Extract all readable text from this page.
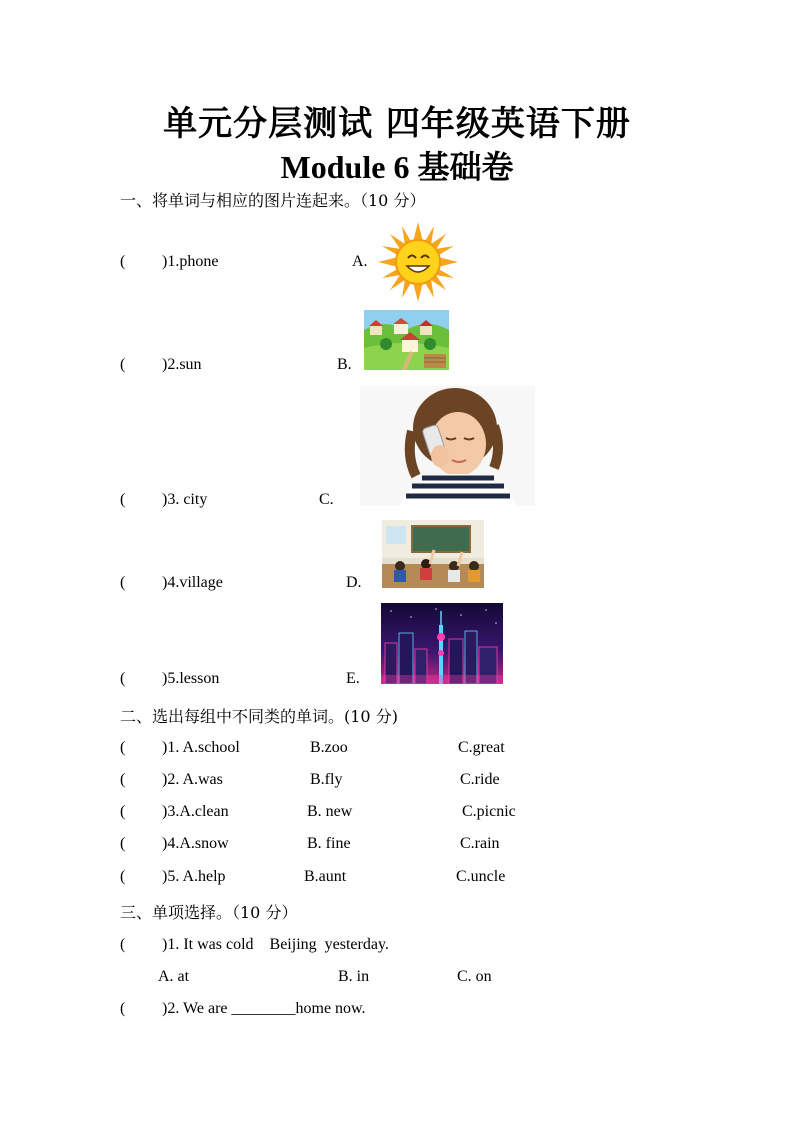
单元分层测试 四年级英语下册
Module 6 基础卷
一、将单词与相应的图片连起来。（10 分）
( )1.phone	A.
( )2.sun	B.
( )3. city	C.
( )4.village	D.
( )5.lesson	E.
二、选出每组中不同类的单词。(10 分)
( )1. A.school	B.zoo	C.great
( )2. A.was	B.fly	C.ride
( )3.A.clean	B. new	C.picnic
( )4.A.snow	B. fine	C.rain
( )5. A.help	B.aunt	C.uncle
三、单项选择。（10 分）
( )1. It was cold    Beijing  yesterday.
A. at	B. in	C. on
( )2. We are ________home now.
